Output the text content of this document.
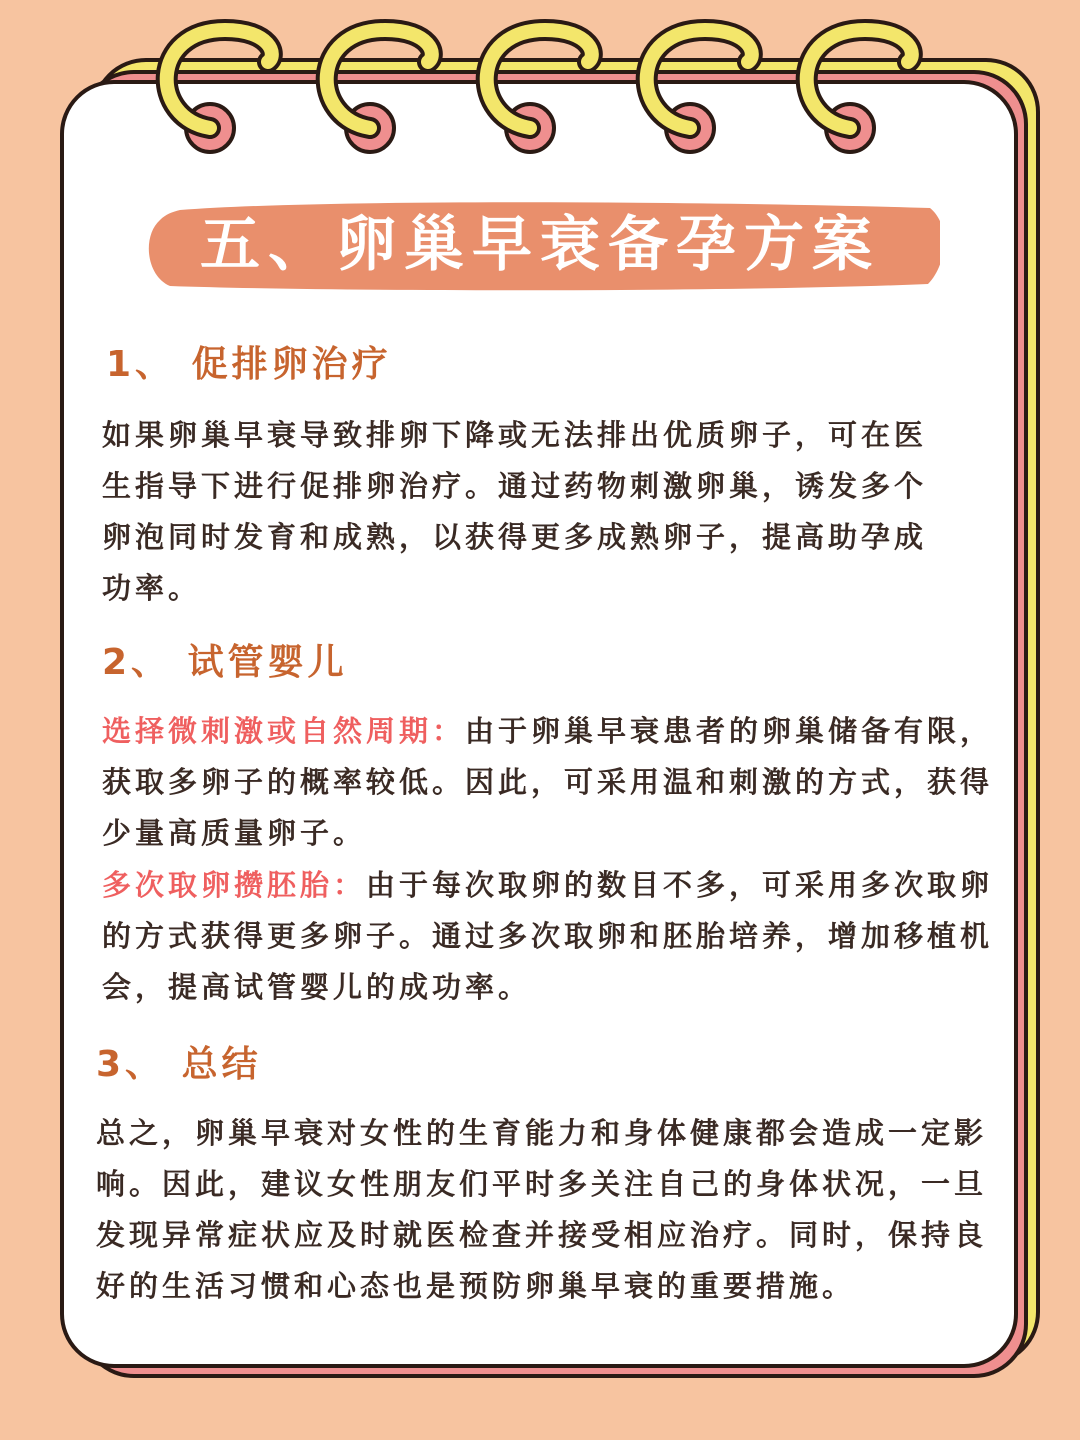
五、卵巢早衰备孕方案
1、 促排卵治疗
如果卵巢早衰导致排卵下降或无法排出优质卵子，可在医生指导下进行促排卵治疗。通过药物刺激卵巢，诱发多个卵泡同时发育和成熟，以获得更多成熟卵子，提高助孕成功率。
2、 试管婴儿
选择微刺激或自然周期：由于卵巢早衰患者的卵巢储备有限，获取多卵子的概率较低。因此，可采用温和刺激的方式，获得少量高质量卵子。
多次取卵攒胚胎：由于每次取卵的数目不多，可采用多次取卵的方式获得更多卵子。通过多次取卵和胚胎培养，增加移植机会，提高试管婴儿的成功率。
3、 总结
总之，卵巢早衰对女性的生育能力和身体健康都会造成一定影响。因此，建议女性朋友们平时多关注自己的身体状况，一旦发现异常症状应及时就医检查并接受相应治疗。同时，保持良好的生活习惯和心态也是预防卵巢早衰的重要措施。
